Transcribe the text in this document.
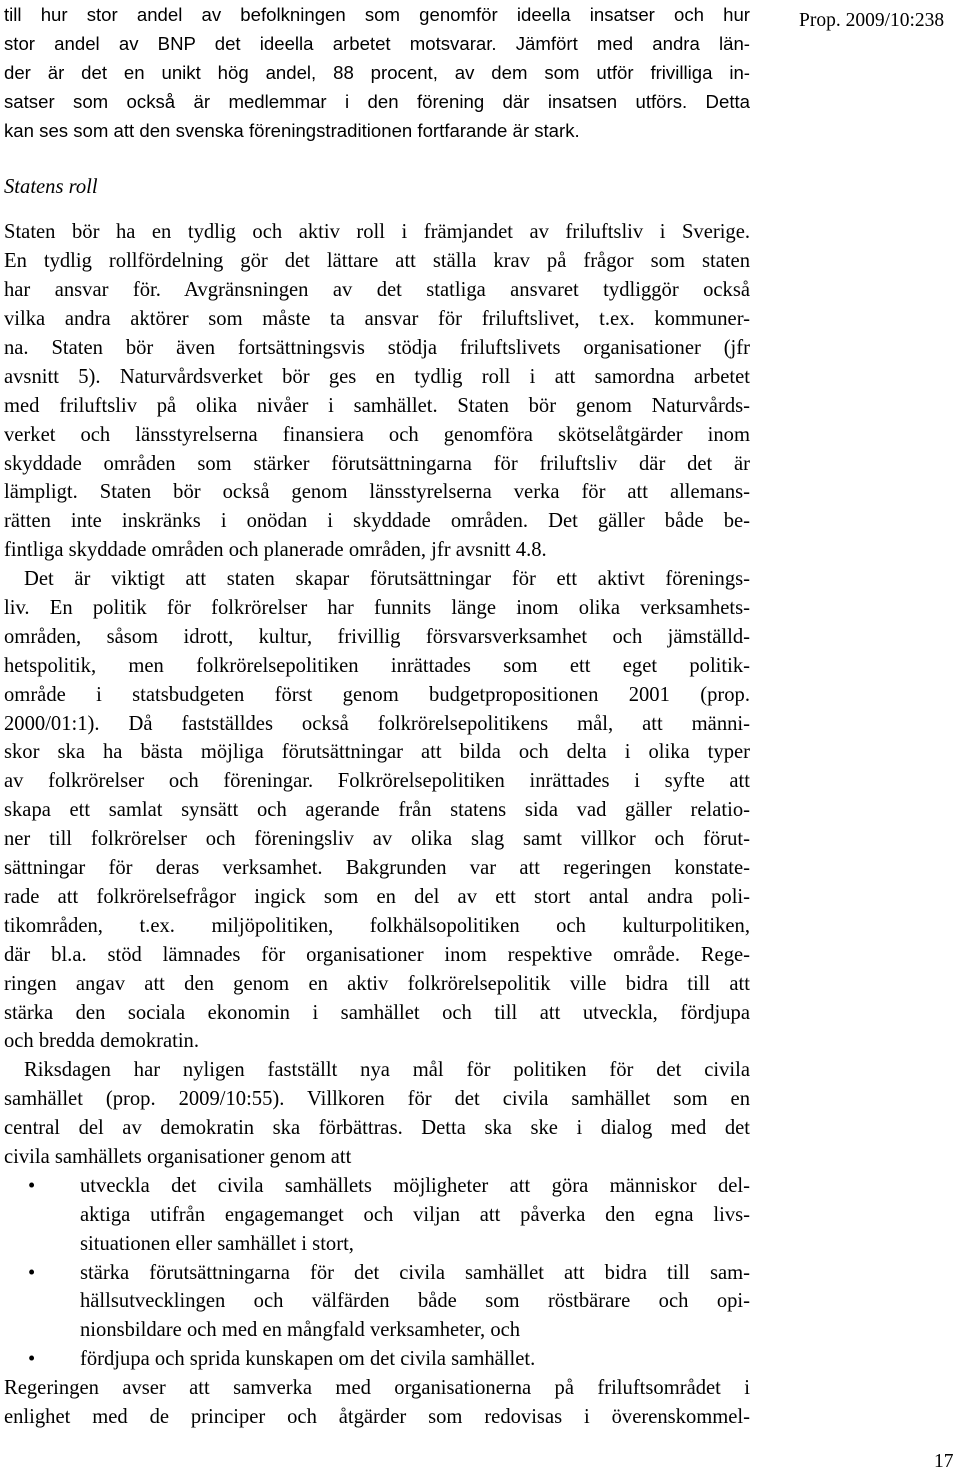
Prop. 2009/10:238
till hur stor andel av befolkningen som genomför ideella insatser och hur
stor andel av BNP det ideella arbetet motsvarar. Jämfört med andra län-
der är det en unikt hög andel, 88 procent, av dem som utför frivilliga in-
satser som också är medlemmar i den förening där insatsen utförs. Detta
kan ses som att den svenska föreningstraditionen fortfarande är stark.
Statens roll
Staten bör ha en tydlig och aktiv roll i främjandet av friluftsliv i Sverige.
En tydlig rollfördelning gör det lättare att ställa krav på frågor som staten
har ansvar för. Avgränsningen av det statliga ansvaret tydliggör också
vilka andra aktörer som måste ta ansvar för friluftslivet, t.ex. kommuner-
na. Staten bör även fortsättningsvis stödja friluftslivets organisationer (jfr
avsnitt 5). Naturvårdsverket bör ges en tydlig roll i att samordna arbetet
med friluftsliv på olika nivåer i samhället. Staten bör genom Naturvårds-
verket och länsstyrelserna finansiera och genomföra skötselåtgärder inom
skyddade områden som stärker förutsättningarna för friluftsliv där det är
lämpligt. Staten bör också genom länsstyrelserna verka för att allemans-
rätten inte inskränks i onödan i skyddade områden. Det gäller både be-
fintliga skyddade områden och planerade områden, jfr avsnitt 4.8.
Det är viktigt att staten skapar förutsättningar för ett aktivt förenings-
liv. En politik för folkrörelser har funnits länge inom olika verksamhets-
områden, såsom idrott, kultur, frivillig försvarsverksamhet och jämställd-
hetspolitik, men folkrörelsepolitiken inrättades som ett eget politik-
område i statsbudgeten först genom budgetpropositionen 2001 (prop.
2000/01:1). Då fastställdes också folkrörelsepolitikens mål, att männi-
skor ska ha bästa möjliga förutsättningar att bilda och delta i olika typer
av folkrörelser och föreningar. Folkrörelsepolitiken inrättades i syfte att
skapa ett samlat synsätt och agerande från statens sida vad gäller relatio-
ner till folkrörelser och föreningsliv av olika slag samt villkor och förut-
sättningar för deras verksamhet. Bakgrunden var att regeringen konstate-
rade att folkrörelsefrågor ingick som en del av ett stort antal andra poli-
tikområden, t.ex. miljöpolitiken, folkhälsopolitiken och kulturpolitiken,
där bl.a. stöd lämnades för organisationer inom respektive område. Rege-
ringen angav att den genom en aktiv folkrörelsepolitik ville bidra till att
stärka den sociala ekonomin i samhället och till att utveckla, fördjupa
och bredda demokratin.
Riksdagen har nyligen fastställt nya mål för politiken för det civila
samhället (prop. 2009/10:55). Villkoren för det civila samhället som en
central del av demokratin ska förbättras. Detta ska ske i dialog med det
civila samhällets organisationer genom att
• utveckla det civila samhällets möjligheter att göra människor del-
aktiga utifrån engagemanget och viljan att påverka den egna livs-
situationen eller samhället i stort,
• stärka förutsättningarna för det civila samhället att bidra till sam-
hällsutvecklingen och välfärden både som röstbärare och opi-
nionsbildare och med en mångfald verksamheter, och
• fördjupa och sprida kunskapen om det civila samhället.
Regeringen avser att samverka med organisationerna på friluftsområdet i
enlighet med de principer och åtgärder som redovisas i överenskommel-
17
